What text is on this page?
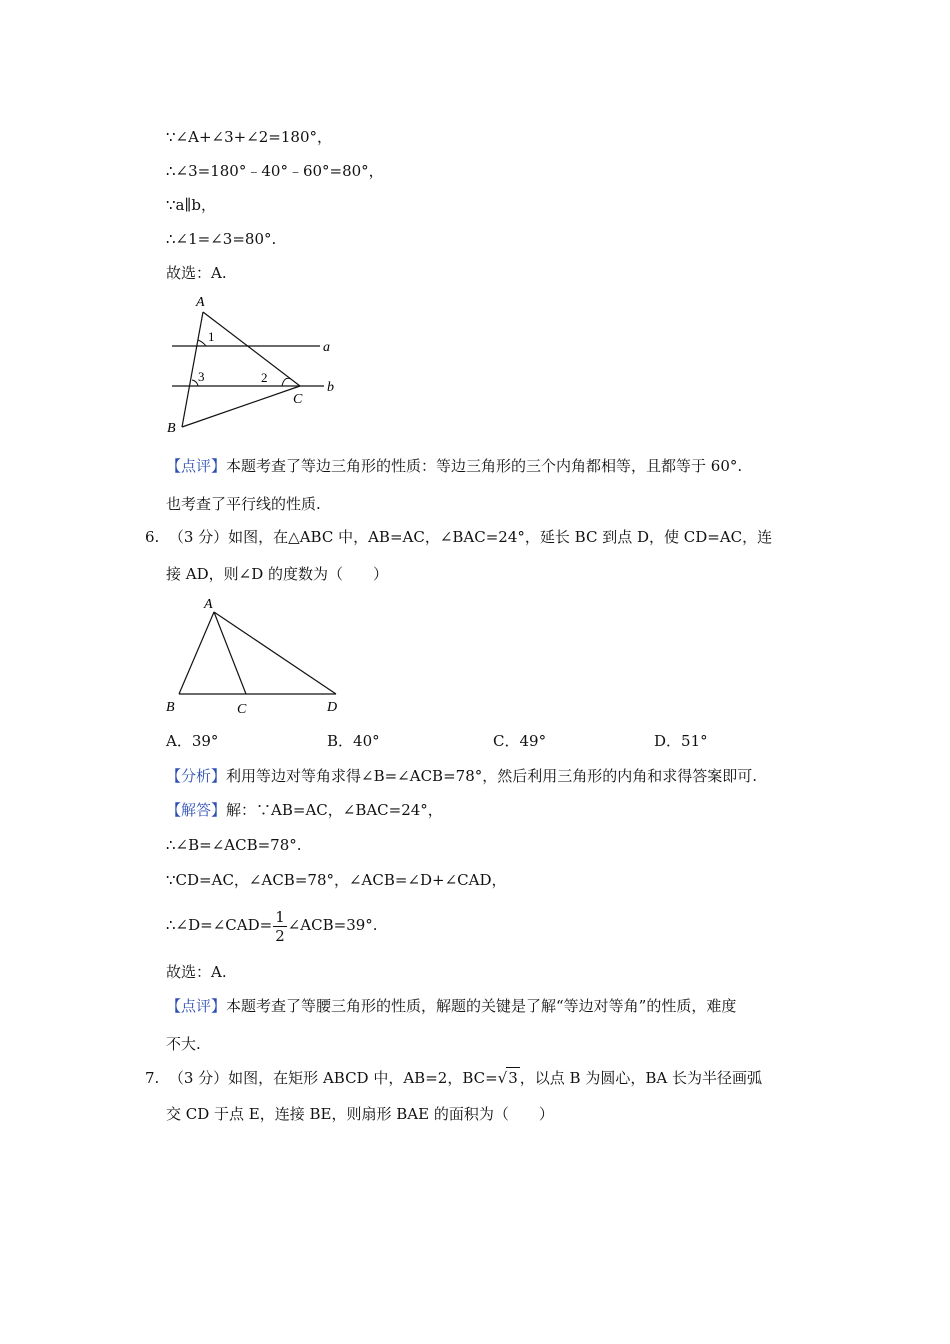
∵∠A+∠3+∠2=180°，
∴∠3=180°﹣40°﹣60°=80°，
∵a∥b，
∴∠1=∠3=80°.
故选：A.
A
1
3	2
C
B
a
b
【点评】本题考查了等边三角形的性质：等边三角形的三个内角都相等，且都等于 60°.
也考查了平行线的性质.
6. （3 分）如图，在△ABC 中，AB=AC，∠BAC=24°，延长 BC 到点 D，使 CD=AC，连
接 AD，则∠D 的度数为（　　）
A
B	C	D
A．39°	B．40°	C．49°	D．51°
【分析】利用等边对等角求得∠B=∠ACB=78°，然后利用三角形的内角和求得答案即可.
【解答】解：∵AB=AC，∠BAC=24°，
∴∠B=∠ACB=78°.
∵CD=AC，∠ACB=78°，∠ACB=∠D+∠CAD，
∴∠D=∠CAD= $\frac{1}{2}$ ∠ACB=39°.
故选：A.
【点评】本题考查了等腰三角形的性质，解题的关键是了解“等边对等角”的性质，难度
不大.
7. （3 分）如图，在矩形 ABCD 中，AB=2，BC=√3 ，以点 B 为圆心，BA 长为半径画弧
交 CD 于点 E，连接 BE，则扇形 BAE 的面积为（　　）
